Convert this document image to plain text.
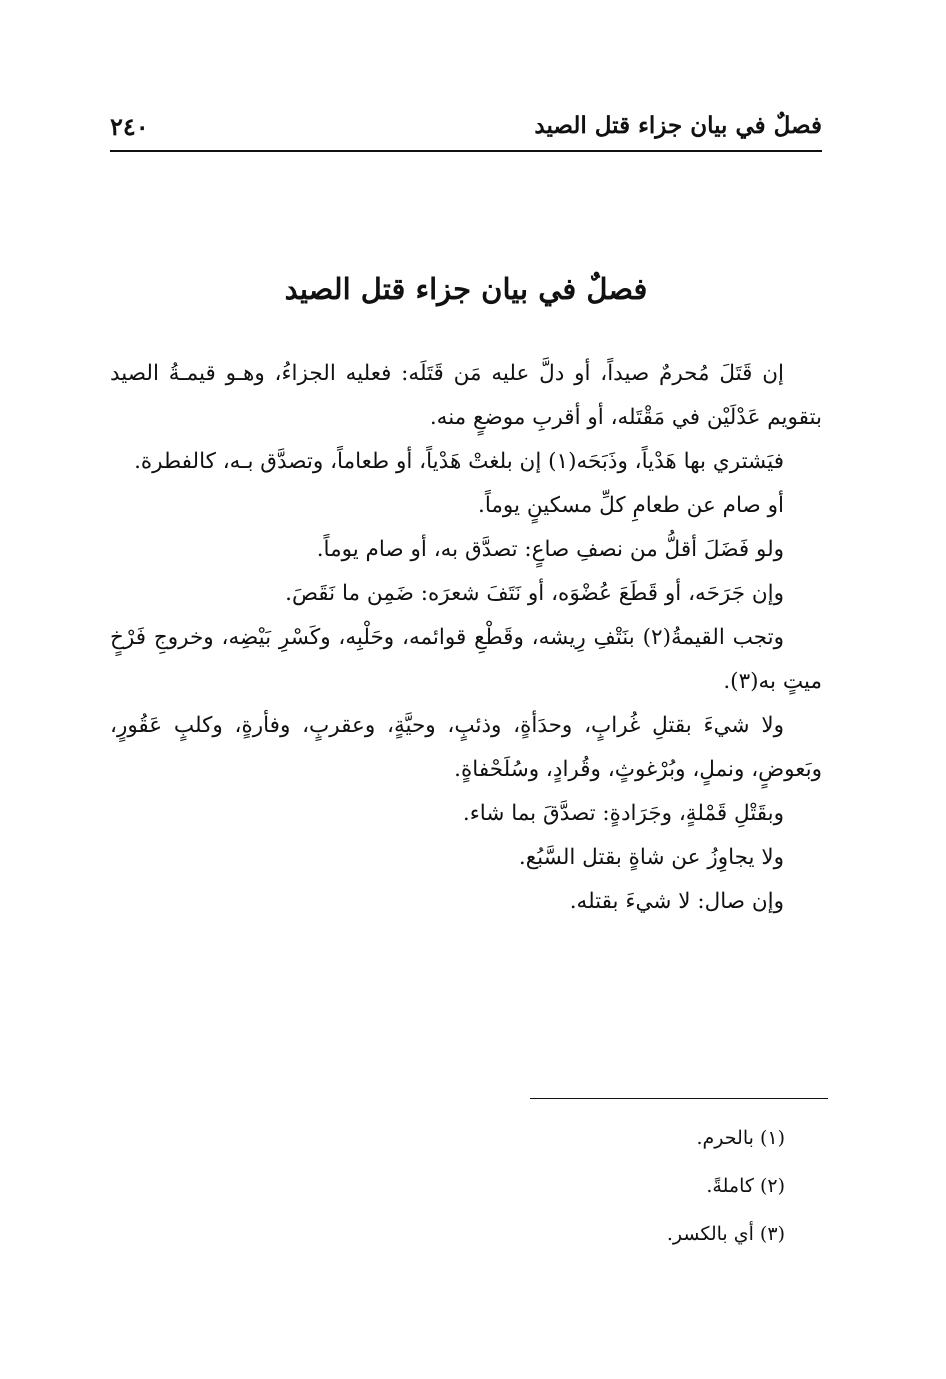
فصلٌ في بيان جزاء قتل الصيد
٢٤٠
فصلٌ في بيان جزاء قتل الصيد

إن قَتَلَ مُحرمٌ صيداً، أو دلَّ عليه مَن قَتَلَه: فعليه الجزاءُ، وهـو قيمـةُ الصيد بتقويم عَدْلَيْن في مَقْتَله، أو أقربِ موضعٍ منه.

فيَشتري بها هَدْياً، وذَبَحَه(١) إن بلغتْ هَدْياً، أو طعاماً، وتصدَّق بـه، كالفطرة.

أو صام عن طعامِ كلِّ مسكينٍ يوماً.

ولو فَضَلَ أقلُّ من نصفِ صاعٍ: تصدَّق به، أو صام يوماً.

وإن جَرَحَه، أو قَطَعَ عُضْوَه، أو نَتَفَ شعرَه: ضَمِن ما نَقَصَ.

وتجب القيمةُ(٢) بنَتْفِ رِيشه، وقَطْعِ قوائمه، وحَلْبِه، وكَسْرِ بَيْضِه، وخروجِ فَرْخٍ ميتٍ به(٣).

ولا شيءَ بقتلِ غُرابٍ، وحدَأةٍ، وذئبٍ، وحيَّةٍ، وعقربٍ، وفأرةٍ، وكلبٍ عَقُورٍ، وبَعوضٍ، ونملٍ، وبُرْغوثٍ، وقُرادٍ، وسُلَحْفاةٍ.

وبقَتْلِ قَمْلةٍ، وجَرَادةٍ: تصدَّقَ بما شاء.

ولا يجاوِزُ عن شاةٍ بقتل السَّبُع.

وإن صال: لا شيءَ بقتله.

(١) بالحرم.

(٢) كاملةً.

(٣) أي بالكسر.
